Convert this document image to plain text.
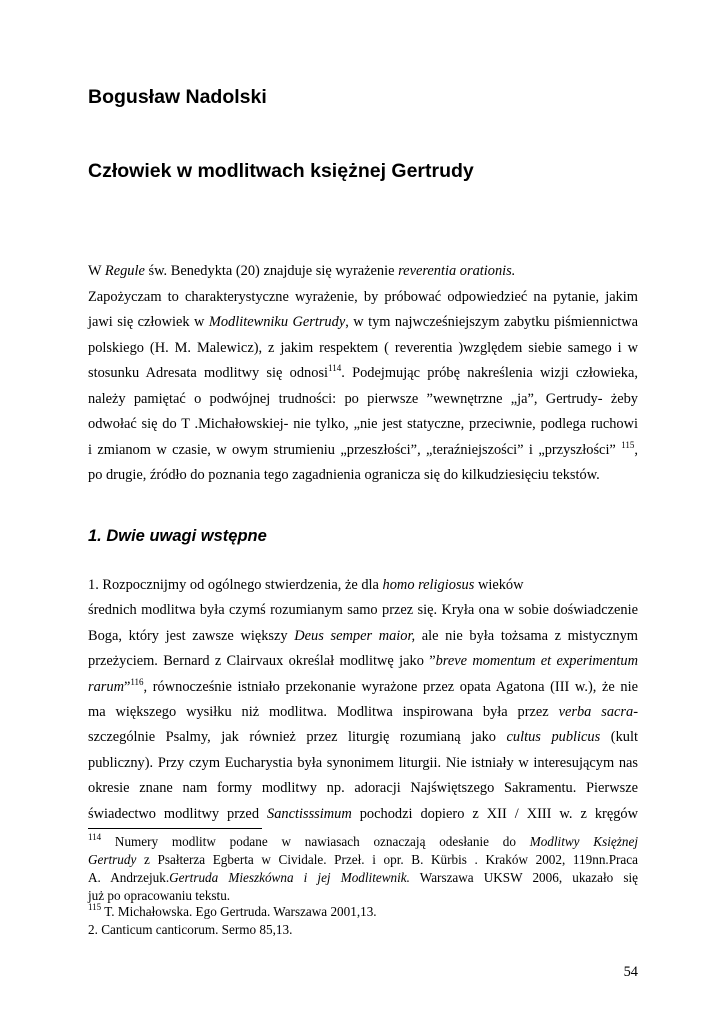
Bogusław Nadolski
Człowiek w modlitwach księżnej Gertrudy
W Regule św. Benedykta (20) znajduje się wyrażenie reverentia orationis.
Zapożyczam to charakterystyczne wyrażenie, by próbować odpowiedzieć na pytanie, jakim
jawi się człowiek w Modlitewniku Gertrudy, w tym najwcześniejszym zabytku piśmiennictwa
polskiego (H. M. Malewicz), z jakim respektem ( reverentia )względem siebie samego i w
stosunku Adresata modlitwy się odnosi$^{114}$. Podejmując próbę nakreślenia wizji człowieka,
należy pamiętać o podwójnej trudności: po pierwsze ”wewnętrzne „ja”, Gertrudy- żeby
odwołać się do T .Michałowskiej- nie tylko, „nie jest statyczne, przeciwnie, podlega ruchowi
i zmianom w czasie, w owym strumieniu „przeszłości”, „teraźniejszości” i „przyszłości” $^{115}$,
po drugie, źródło do poznania tego zagadnienia ogranicza się do kilkudziesięciu tekstów.
1. Dwie uwagi wstępne
1. Rozpocznijmy od ogólnego stwierdzenia, że dla homo religiosus wieków
średnich modlitwa była czymś rozumianym samo przez się. Kryła ona w sobie doświadczenie
Boga, który jest zawsze większy Deus semper maior, ale nie była tożsama z mistycznym
przeżyciem. Bernard z Clairvaux określał modlitwę jako ”breve momentum et experimentum
rarum”$^{116}$, równocześnie istniało przekonanie wyrażone przez opata Agatona (III w.), że nie
ma większego wysiłku niż modlitwa. Modlitwa inspirowana była przez verba sacra-
szczególnie Psalmy, jak również przez liturgię rozumianą jako cultus publicus (kult
publiczny). Przy czym Eucharystia była synonimem liturgii. Nie istniały w interesującym nas
okresie znane nam formy modlitwy np. adoracji Najświętszego Sakramentu. Pierwsze
świadectwo modlitwy przed Sanctisssimum pochodzi dopiero z XII / XIII w. z kręgów
$^{114}$ Numery modlitw podane w nawiasach oznaczają odesłanie do Modlitwy Księżnej
Gertrudy z Psałterza Egberta w Cividale. Przeł. i opr. B. Kürbis . Kraków 2002, 119nn.Praca
A. Andrzejuk.Gertruda Mieszkówna i jej Modlitewnik. Warszawa UKSW 2006, ukazało się
już po opracowaniu tekstu.
$^{115}$ T. Michałowska. Ego Gertruda. Warszawa 2001,13.
2. Canticum canticorum. Sermo 85,13.
54
